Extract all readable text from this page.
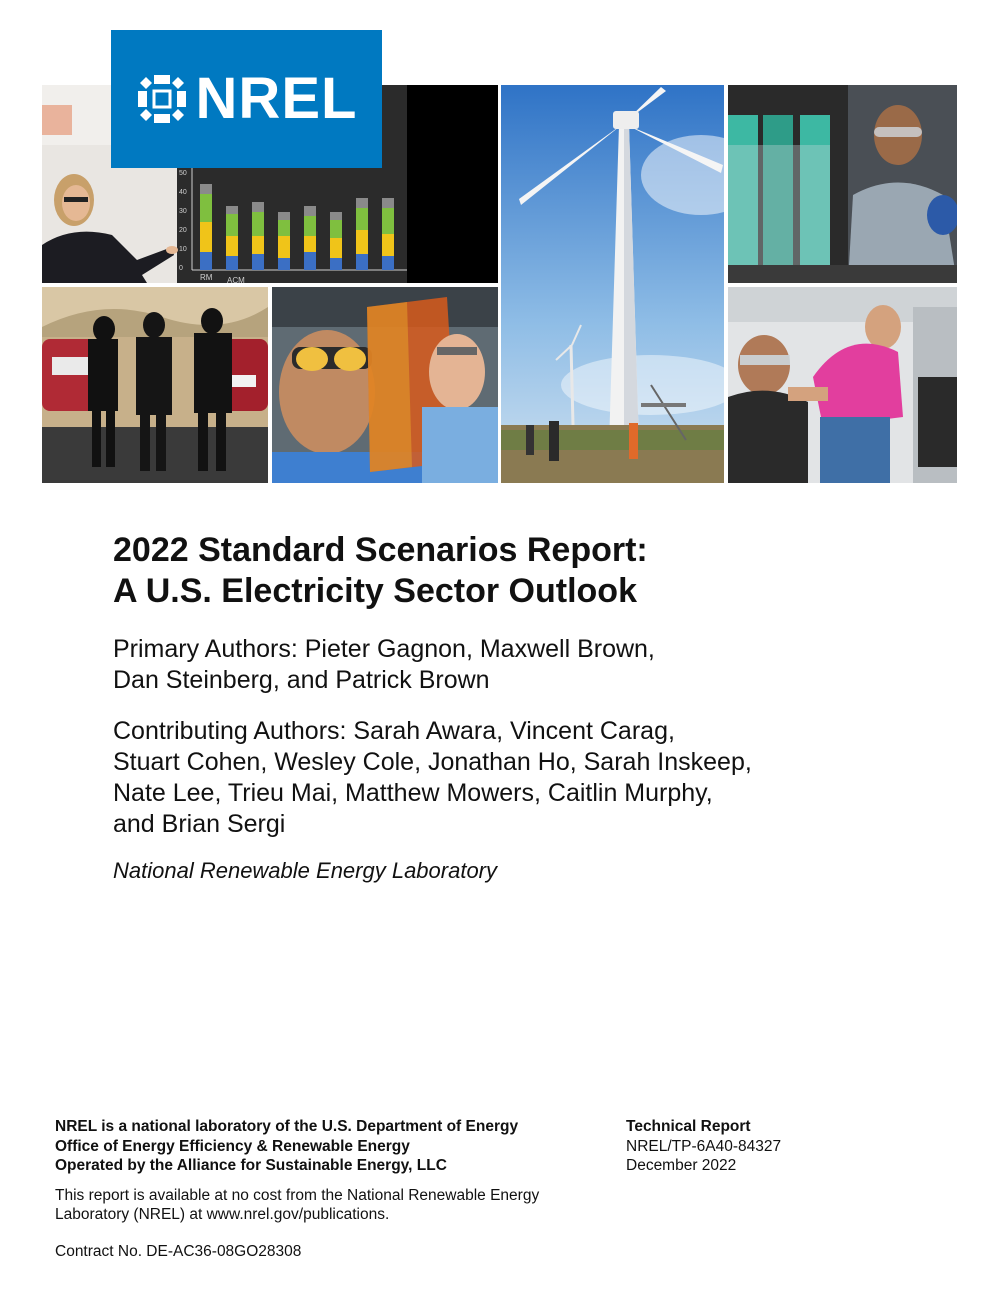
50
40
30
20
10
0
RM ACM
NREL
2022 Standard Scenarios Report:
A U.S. Electricity Sector Outlook
Primary Authors: Pieter Gagnon, Maxwell Brown,
Dan Steinberg, and Patrick Brown
Contributing Authors: Sarah Awara, Vincent Carag,
Stuart Cohen, Wesley Cole, Jonathan Ho, Sarah Inskeep,
Nate Lee, Trieu Mai, Matthew Mowers, Caitlin Murphy,
and Brian Sergi
National Renewable Energy Laboratory
NREL is a national laboratory of the U.S. Department of Energy
Office of Energy Efficiency & Renewable Energy
Operated by the Alliance for Sustainable Energy, LLC
This report is available at no cost from the National Renewable Energy
Laboratory (NREL) at www.nrel.gov/publications.
Contract No. DE-AC36-08GO28308
Technical Report
NREL/TP-6A40-84327
December 2022
